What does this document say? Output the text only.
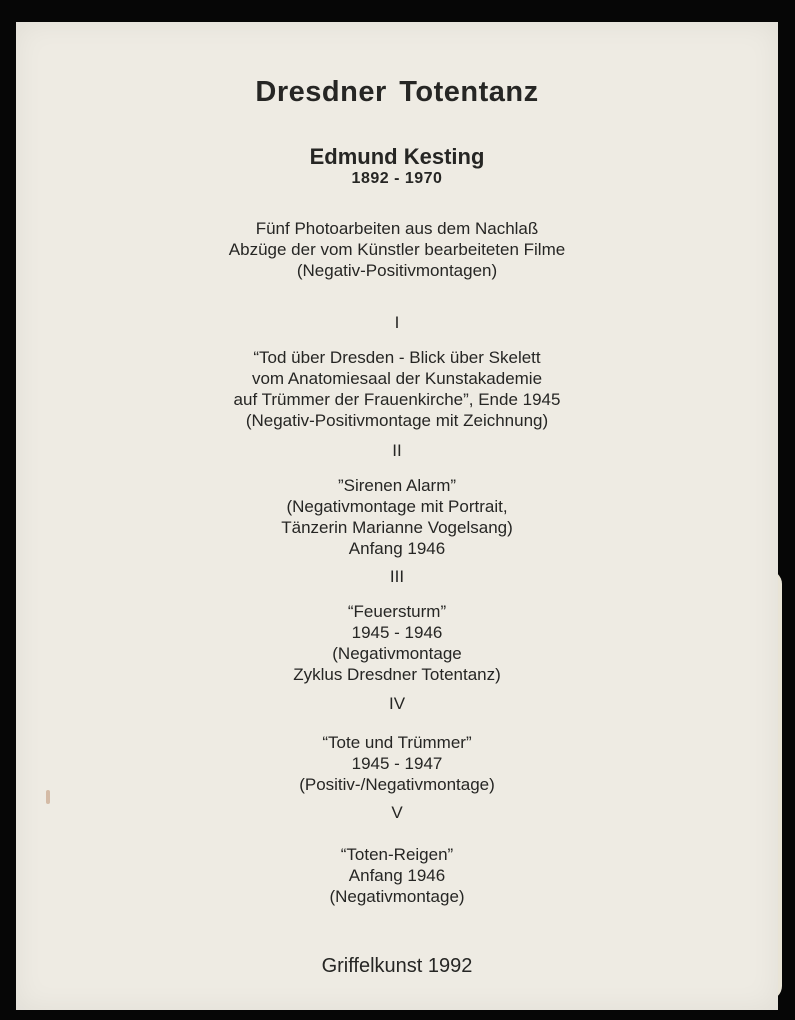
Dresdner Totentanz
Edmund Kesting
1892 - 1970
Fünf Photoarbeiten aus dem Nachlaß
Abzüge der vom Künstler bearbeiteten Filme
(Negativ-Positivmontagen)
I
“Tod über Dresden - Blick über Skelett
vom Anatomiesaal der Kunstakademie
auf Trümmer der Frauenkirche”, Ende 1945
(Negativ-Positivmontage mit Zeichnung)
II
”Sirenen Alarm”
(Negativmontage mit Portrait,
Tänzerin Marianne Vogelsang)
Anfang 1946
III
“Feuersturm”
1945 - 1946
(Negativmontage
Zyklus Dresdner Totentanz)
IV
“Tote und Trümmer”
1945 - 1947
(Positiv-/Negativmontage)
V
“Toten-Reigen”
Anfang 1946
(Negativmontage)
Griffelkunst 1992
